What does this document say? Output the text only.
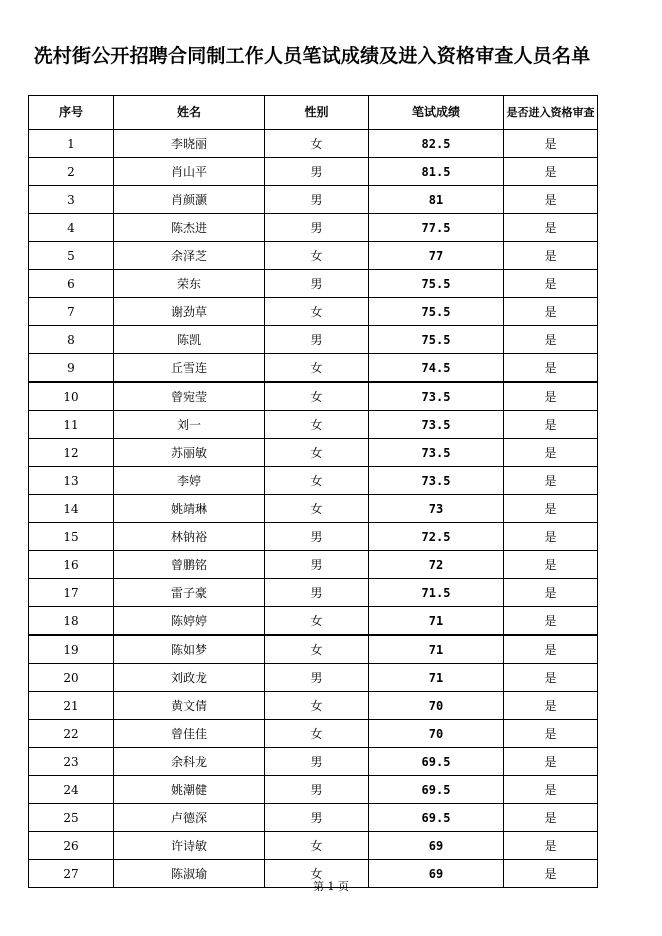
冼村街公开招聘合同制工作人员笔试成绩及进入资格审查人员名单
序号	姓名	性别	笔试成绩	是否进入资格审查
1	李晓丽	女	82.5	是
2	肖山平	男	81.5	是
3	肖颜灏	男	81	是
4	陈杰进	男	77.5	是
5	余泽芝	女	77	是
6	荣东	男	75.5	是
7	谢劲草	女	75.5	是
8	陈凯	男	75.5	是
9	丘雪连	女	74.5	是
10	曾宛莹	女	73.5	是
11	刘一	女	73.5	是
12	苏丽敏	女	73.5	是
13	李婷	女	73.5	是
14	姚靖琳	女	73	是
15	林钠裕	男	72.5	是
16	曾鹏铭	男	72	是
17	雷子豪	男	71.5	是
18	陈婷婷	女	71	是
19	陈如梦	女	71	是
20	刘政龙	男	71	是
21	黄文倩	女	70	是
22	曾佳佳	女	70	是
23	余科龙	男	69.5	是
24	姚潮健	男	69.5	是
25	卢德深	男	69.5	是
26	许诗敏	女	69	是
27	陈淑瑜	女	69	是
第 1 页
